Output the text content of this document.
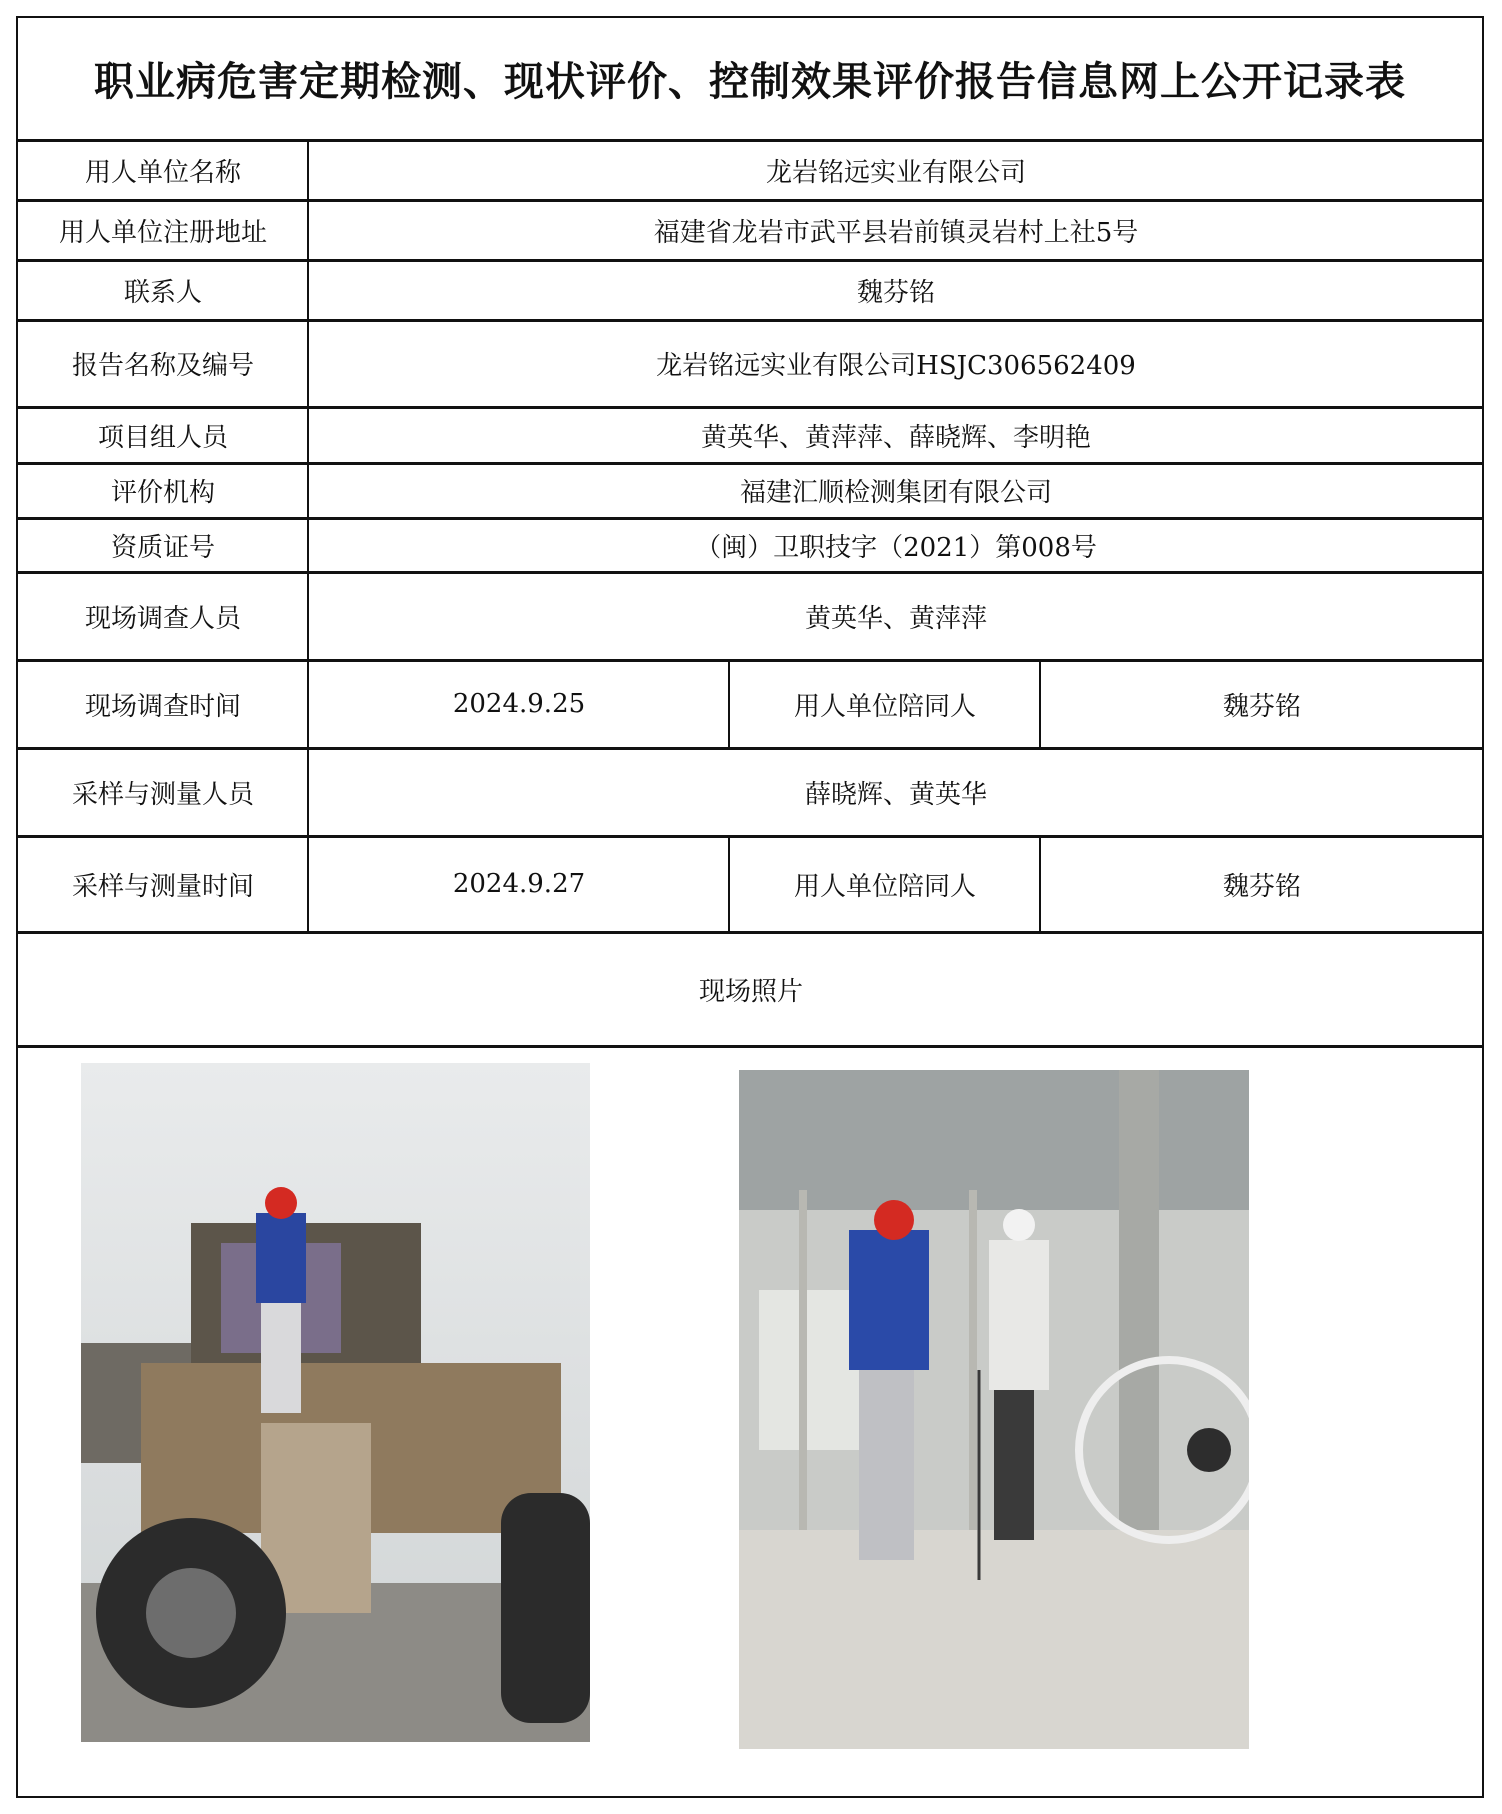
职业病危害定期检测、现状评价、控制效果评价报告信息网上公开记录表
用人单位名称	龙岩铭远实业有限公司
用人单位注册地址	福建省龙岩市武平县岩前镇灵岩村上社5号
联系人	魏芬铭
报告名称及编号	龙岩铭远实业有限公司HSJC306562409
项目组人员	黄英华、黄萍萍、薛晓辉、李明艳
评价机构	福建汇顺检测集团有限公司
资质证号	（闽）卫职技字（2021）第008号
现场调查人员	黄英华、黄萍萍
现场调查时间	2024.9.25	用人单位陪同人	魏芬铭
采样与测量人员	薛晓辉、黄英华
采样与测量时间	2024.9.27	用人单位陪同人	魏芬铭
现场照片
